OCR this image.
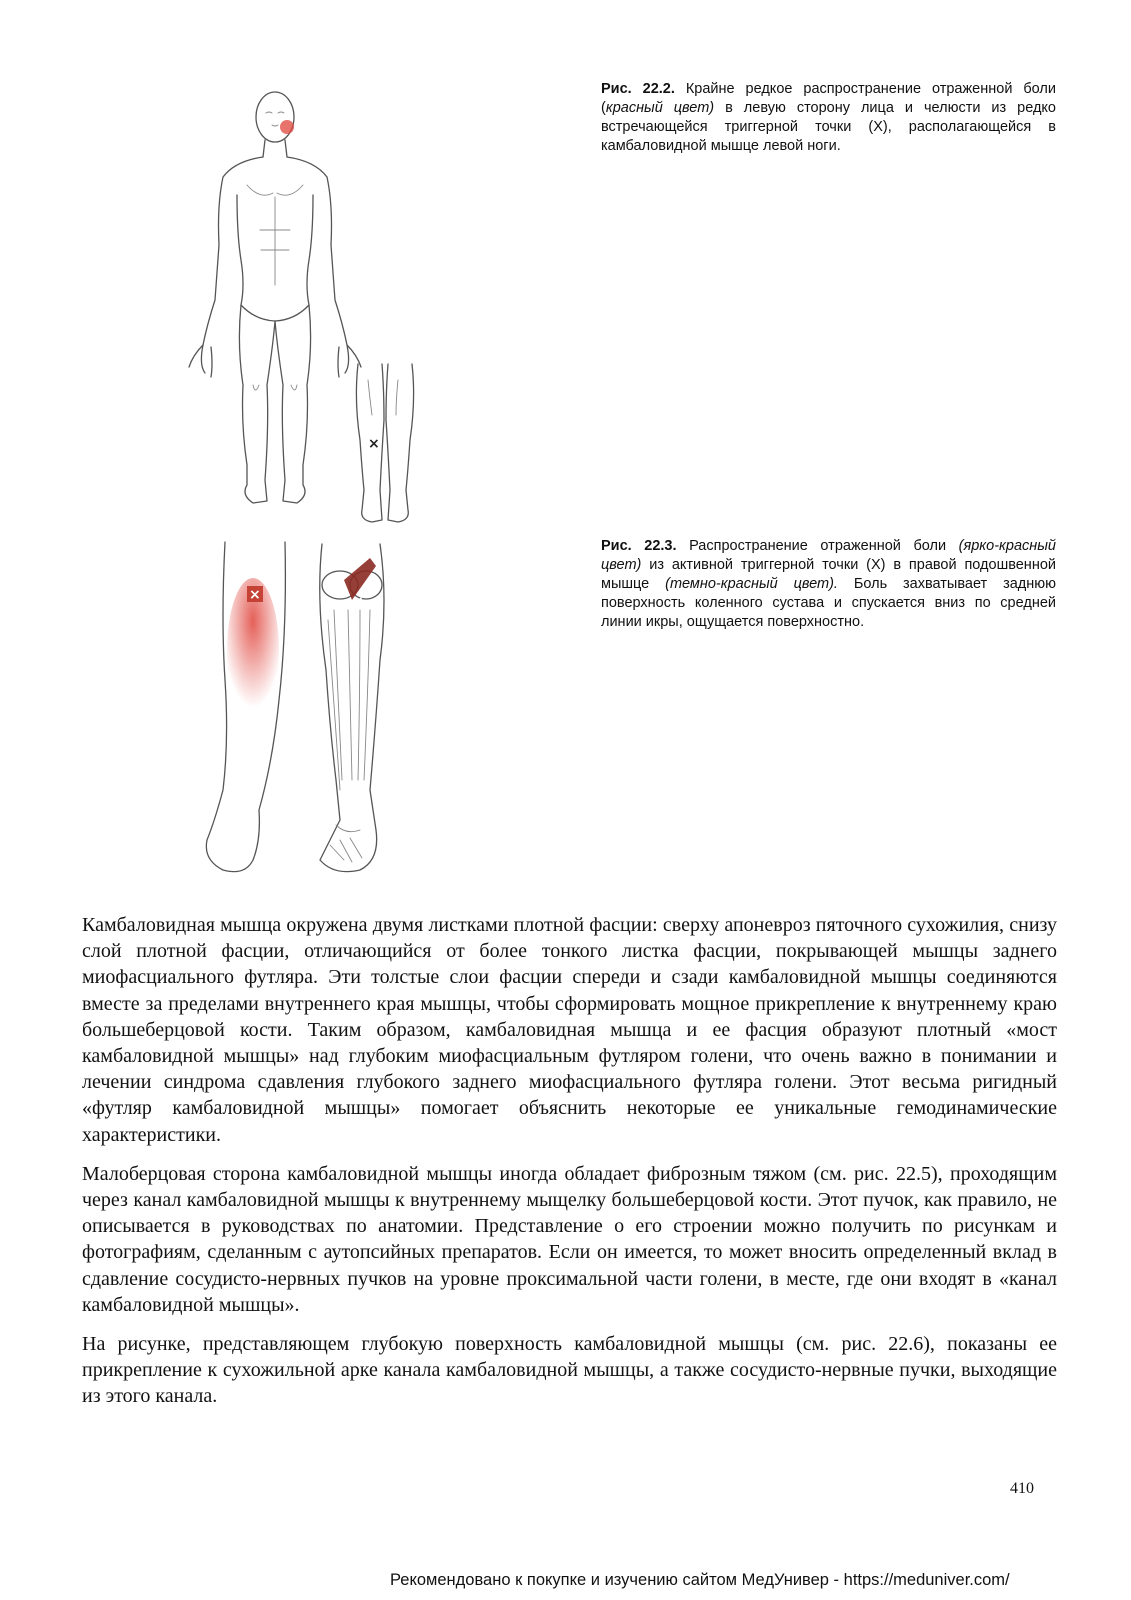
×
×	×
Рис. 22.2. Крайне редкое распространение отраженной боли (красный цвет) в левую сторону лица и челюсти из редко встречающейся триггерной точки (X), располагающейся в камбаловидной мышце левой ноги.
Рис. 22.3. Распространение отраженной боли (ярко-красный цвет) из активной триггерной точки (X) в правой подошвенной мышце (темно-красный цвет). Боль захватывает заднюю поверхность коленного сустава и спускается вниз по средней линии икры, ощущается поверхностно.

Камбаловидная мышца окружена двумя листками плотной фасции: сверху апоневроз пяточного сухожилия, снизу слой плотной фасции, отличающийся от более тонкого листка фасции, покрывающей мышцы заднего миофасциального футляра. Эти толстые слои фасции спереди и сзади камбаловидной мышцы соединяются вместе за пределами внутреннего края мышцы, чтобы сформировать мощное прикрепление к внутреннему краю большеберцовой кости. Таким образом, камбаловидная мышца и ее фасция образуют плотный «мост камбаловидной мышцы» над глубоким миофасциальным футляром голени, что очень важно в понимании и лечении синдрома сдавления глубокого заднего миофасциального футляра голени. Этот весьма ригидный «футляр камбаловидной мышцы» помогает объяснить некоторые ее уникальные гемодинамические характеристики.

Малоберцовая сторона камбаловидной мышцы иногда обладает фиброзным тяжом (см. рис. 22.5), проходящим через канал камбаловидной мышцы к внутреннему мыщелку большеберцовой кости. Этот пучок, как правило, не описывается в руководствах по анатомии. Представление о его строении можно получить по рисункам и фотографиям, сделанным с аутопсийных препаратов. Если он имеется, то может вносить определенный вклад в сдавление сосудисто-нервных пучков на уровне проксимальной части голени, в месте, где они входят в «канал камбаловидной мышцы».

На рисунке, представляющем глубокую поверхность камбаловидной мышцы (см. рис. 22.6), показаны ее прикрепление к сухожильной арке канала камбаловидной мышцы, а также сосудисто-нервные пучки, выходящие из этого канала.

410
Рекомендовано к покупке и изучению сайтом МедУнивер - https://meduniver.com/
